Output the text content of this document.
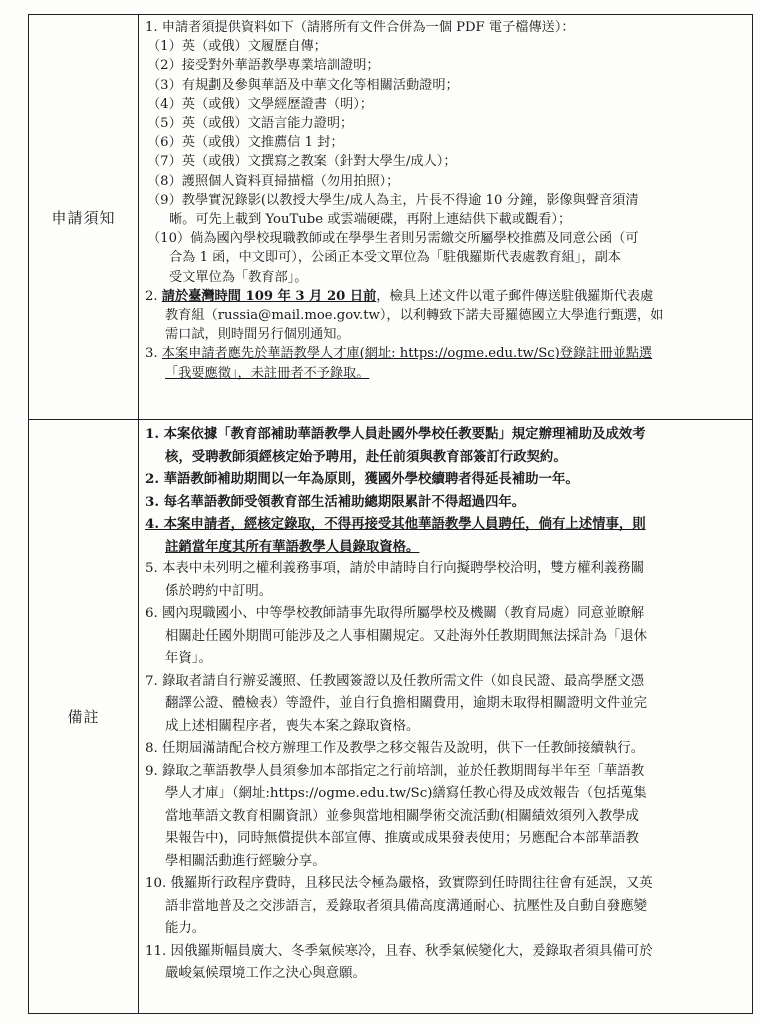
申請須知

1. 申請者須提供資料如下（請將所有文件合併為一個 PDF 電子檔傳送）：

（1）英（或俄）文履歷自傳；

（2）接受對外華語教學專業培訓證明；

（3）有規劃及參與華語及中華文化等相關活動證明；

（4）英（或俄）文學經歷證書（明）；

（5）英（或俄）文語言能力證明；

（6）英（或俄）文推薦信 1 封；

（7）英（或俄）文撰寫之教案（針對大學生/成人）；

（8）護照個人資料頁掃描檔（勿用拍照）；

（9）教學實況錄影(以教授大學生/成人為主，片長不得逾 10 分鐘，影像與聲音須清

晰。可先上載到 YouTube 或雲端硬碟，再附上連結供下載或觀看）；

（10）倘為國內學校現職教師或在學學生者則另需繳交所屬學校推薦及同意公函（可

合為 1 函，中文即可），公函正本受文單位為「駐俄羅斯代表處教育組」，副本

受文單位為「教育部」。

2. 請於臺灣時間 109 年 3 月 20 日前，檢具上述文件以電子郵件傳送駐俄羅斯代表處

教育組（russia@mail.moe.gov.tw），以利轉致下諾夫哥羅德國立大學進行甄選，如

需口試，則時間另行個別通知。

3. 本案申請者應先於華語教學人才庫(網址: https://ogme.edu.tw/Sc)登錄註冊並點選

「我要應徵」，未註冊者不予錄取。

備註

1. 本案依據「教育部補助華語教學人員赴國外學校任教要點」規定辦理補助及成效考

核，受聘教師須經核定始予聘用，赴任前須與教育部簽訂行政契約。

2. 華語教師補助期間以一年為原則，獲國外學校續聘者得延長補助一年。

3. 每名華語教師受領教育部生活補助總期限累計不得超過四年。

4. 本案申請者，經核定錄取，不得再接受其他華語教學人員聘任，倘有上述情事，則

註銷當年度其所有華語教學人員錄取資格。

5. 本表中未列明之權利義務事項，請於申請時自行向擬聘學校洽明，雙方權利義務關

係於聘約中訂明。

6. 國內現職國小、中等學校教師請事先取得所屬學校及機關（教育局處）同意並瞭解

相關赴任國外期間可能涉及之人事相關規定。又赴海外任教期間無法採計為「退休

年資」。

7. 錄取者請自行辦妥護照、任教國簽證以及任教所需文件（如良民證、最高學歷文憑

翻譯公證、體檢表）等證件，並自行負擔相關費用，逾期未取得相關證明文件並完

成上述相關程序者，喪失本案之錄取資格。

8. 任期屆滿請配合校方辦理工作及教學之移交報告及說明，供下一任教師接續執行。

9. 錄取之華語教學人員須參加本部指定之行前培訓，並於任教期間每半年至「華語教

學人才庫」（網址:https://ogme.edu.tw/Sc)繕寫任教心得及成效報告（包括蒐集

當地華語文教育相關資訊）並參與當地相關學術交流活動(相關績效須列入教學成

果報告中)，同時無償提供本部宣傳、推廣或成果發表使用；另應配合本部華語教

學相關活動進行經驗分享。

10. 俄羅斯行政程序費時，且移民法令極為嚴格，致實際到任時間往往會有延誤，又英

語非當地普及之交涉語言，爰錄取者須具備高度溝通耐心、抗壓性及自動自發應變

能力。

11. 因俄羅斯幅員廣大、冬季氣候寒冷，且春、秋季氣候變化大，爰錄取者須具備可於

嚴峻氣候環境工作之決心與意願。
